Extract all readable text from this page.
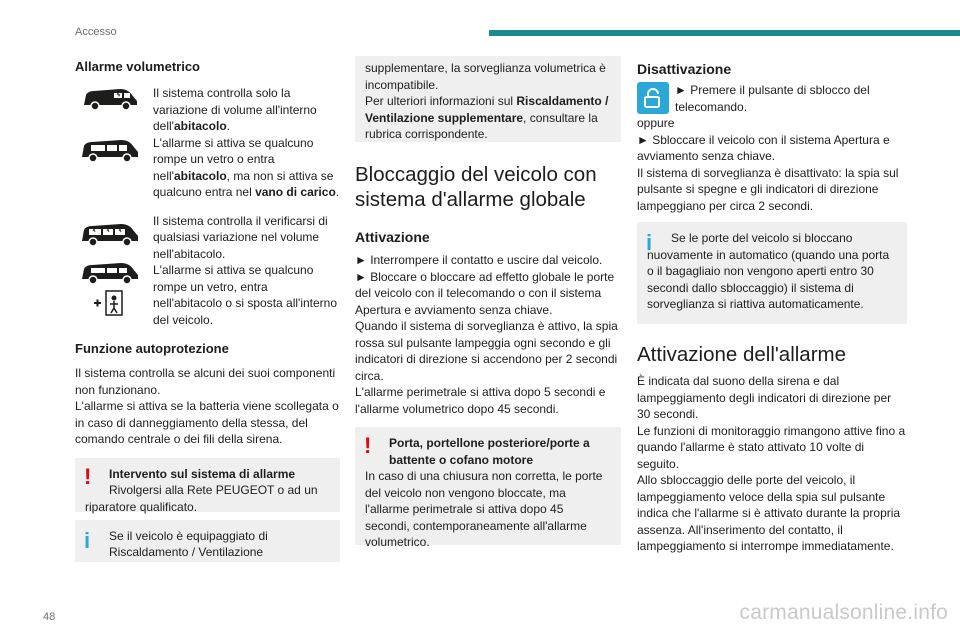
Accesso
Allarme volumetrico
Il sistema controlla solo la variazione di volume all'interno dell'abitacolo.
L'allarme si attiva se qualcuno rompe un vetro o entra nell'abitacolo, ma non si attiva se qualcuno entra nel vano di carico.
Il sistema controlla il verificarsi di qualsiasi variazione nel volume nell'abitacolo.
L'allarme si attiva se qualcuno rompe un vetro, entra nell'abitacolo o si sposta all'interno del veicolo.
Funzione autoprotezione

Il sistema controlla se alcuni dei suoi componenti non funzionano.

L'allarme si attiva se la batteria viene scollegata o in caso di danneggiamento della stessa, del comando centrale o dei fili della sirena.

!	Intervento sul sistema di allarme
Rivolgersi alla Rete PEUGEOT o ad un riparatore qualificato.
i	Se il veicolo è equipaggiato di Riscaldamento / Ventilazione

supplementare, la sorveglianza volumetrica è incompatibile.

Per ulteriori informazioni sul Riscaldamento / Ventilazione supplementare, consultare la rubrica corrispondente.

Bloccaggio del veicolo con sistema d'allarme globale
Attivazione

► Interrompere il contatto e uscire dal veicolo.

► Bloccare o bloccare ad effetto globale le porte del veicolo con il telecomando o con il sistema Apertura e avviamento senza chiave.

Quando il sistema di sorveglianza è attivo, la spia rossa sul pulsante lampeggia ogni secondo e gli indicatori di direzione si accendono per 2 secondi circa.

L'allarme perimetrale si attiva dopo 5 secondi e l'allarme volumetrico dopo 45 secondi.

!	Porta, portellone posteriore/porte a battente o cofano motore
In caso di una chiusura non corretta, le porte del veicolo non vengono bloccate, ma l'allarme perimetrale si attiva dopo 45 secondi, contemporaneamente all'allarme volumetrico.
Disattivazione
► Premere il pulsante di sblocco del telecomando.

oppure

► Sbloccare il veicolo con il sistema Apertura e avviamento senza chiave.

Il sistema di sorveglianza è disattivato: la spia sul pulsante si spegne e gli indicatori di direzione lampeggiano per circa 2 secondi.

i	Se le porte del veicolo si bloccano nuovamente in automatico (quando una porta o il bagagliaio non vengono aperti entro 30 secondi dallo sbloccaggio) il sistema di sorveglianza si riattiva automaticamente.
Attivazione dell'allarme

È indicata dal suono della sirena e dal lampeggiamento degli indicatori di direzione per 30 secondi.

Le funzioni di monitoraggio rimangono attive fino a quando l'allarme è stato attivato 10 volte di seguito.

Allo sbloccaggio delle porte del veicolo, il lampeggiamento veloce della spia sul pulsante indica che l'allarme si è attivato durante la propria assenza. All'inserimento del contatto, il lampeggiamento si interrompe immediatamente.

48	carmanualsonline.info
